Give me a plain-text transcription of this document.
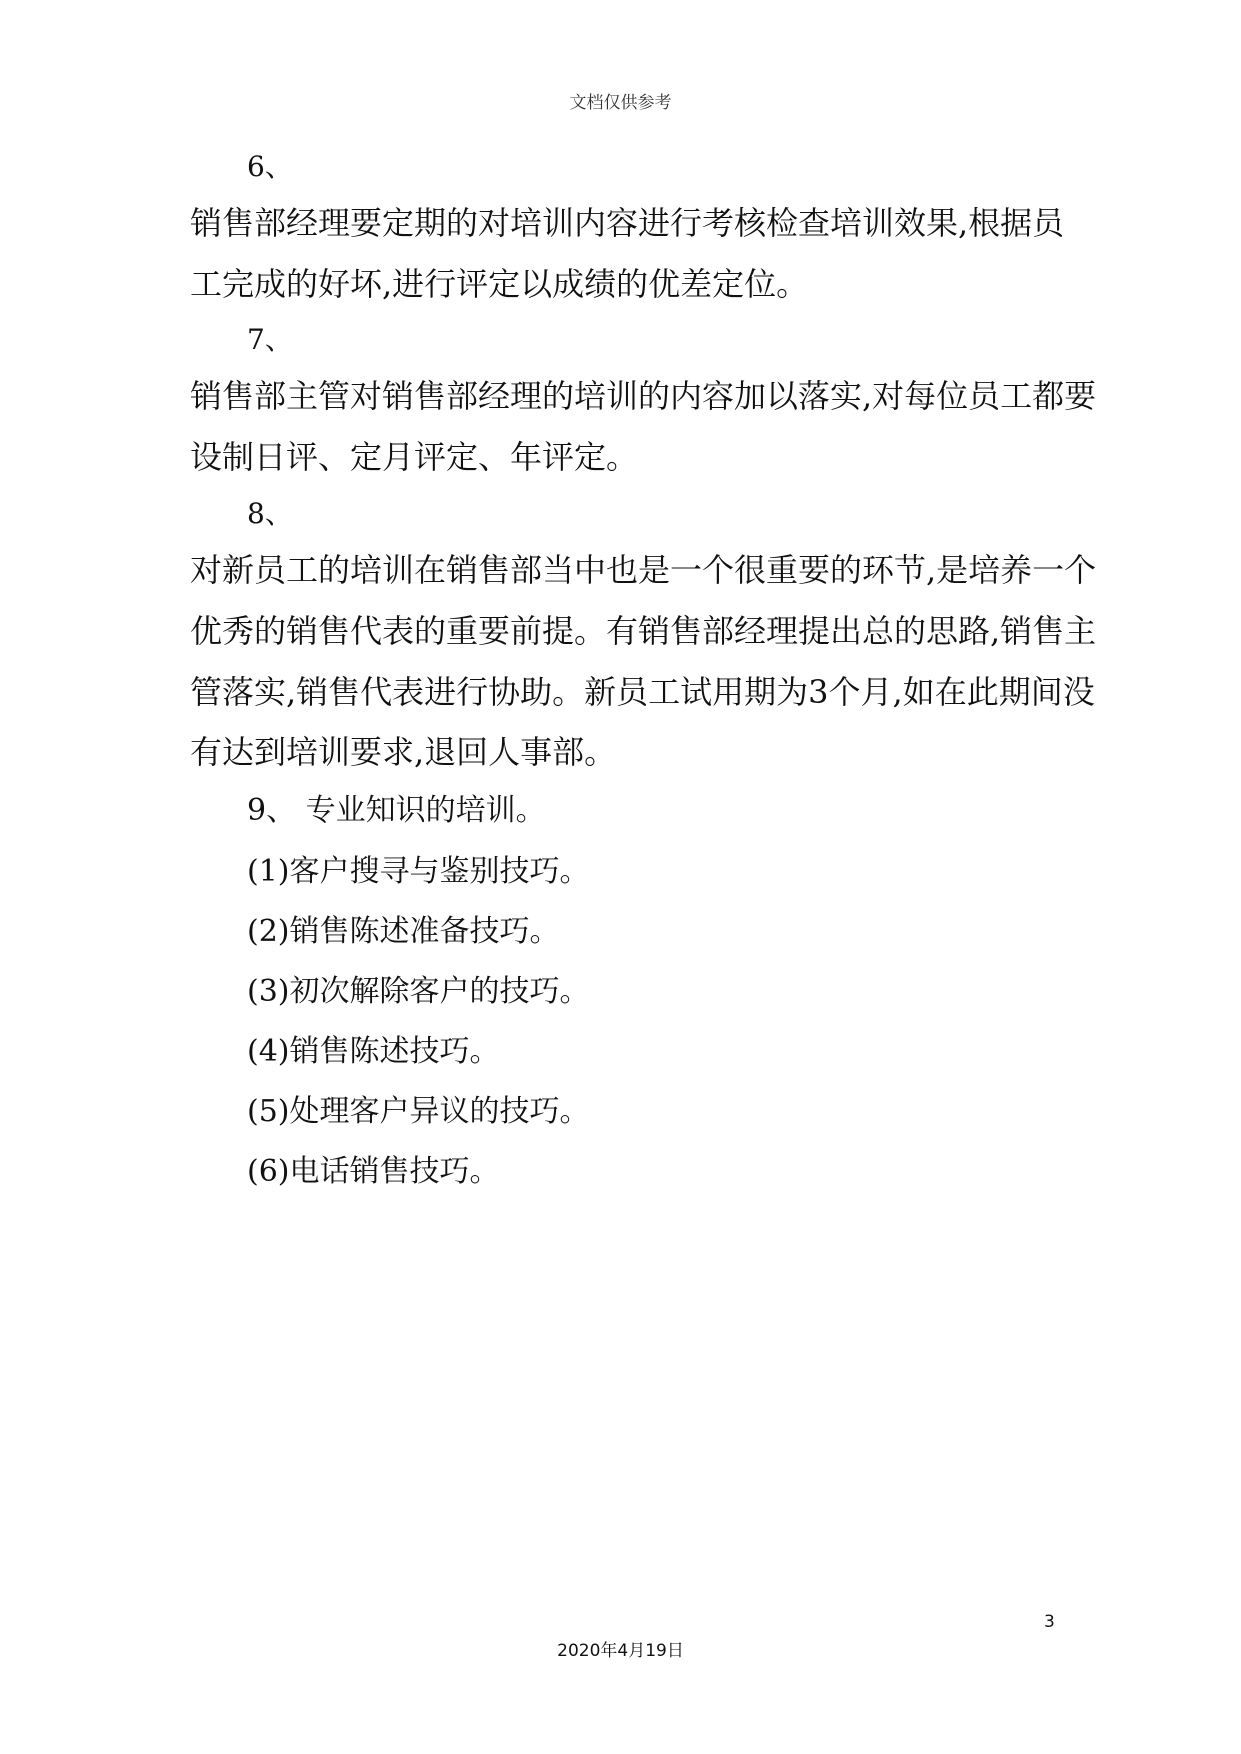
文档仅供参考
6、
销售部经理要定期的对培训内容进行考核检查培训效果,根据员
工完成的好坏,进行评定以成绩的优差定位。
7、
销售部主管对销售部经理的培训的内容加以落实,对每位员工都要
设制日评、定月评定、年评定。
8、
对新员工的培训在销售部当中也是一个很重要的环节,是培养一个
优秀的销售代表的重要前提。有销售部经理提出总的思路,销售主
管落实,销售代表进行协助。新员工试用期为3个月,如在此期间没
有达到培训要求,退回人事部。
9、 专业知识的培训。
(1)客户搜寻与鉴别技巧。
(2)销售陈述准备技巧。
(3)初次解除客户的技巧。
(4)销售陈述技巧。
(5)处理客户异议的技巧。
(6)电话销售技巧。
3
2020年4月19日
